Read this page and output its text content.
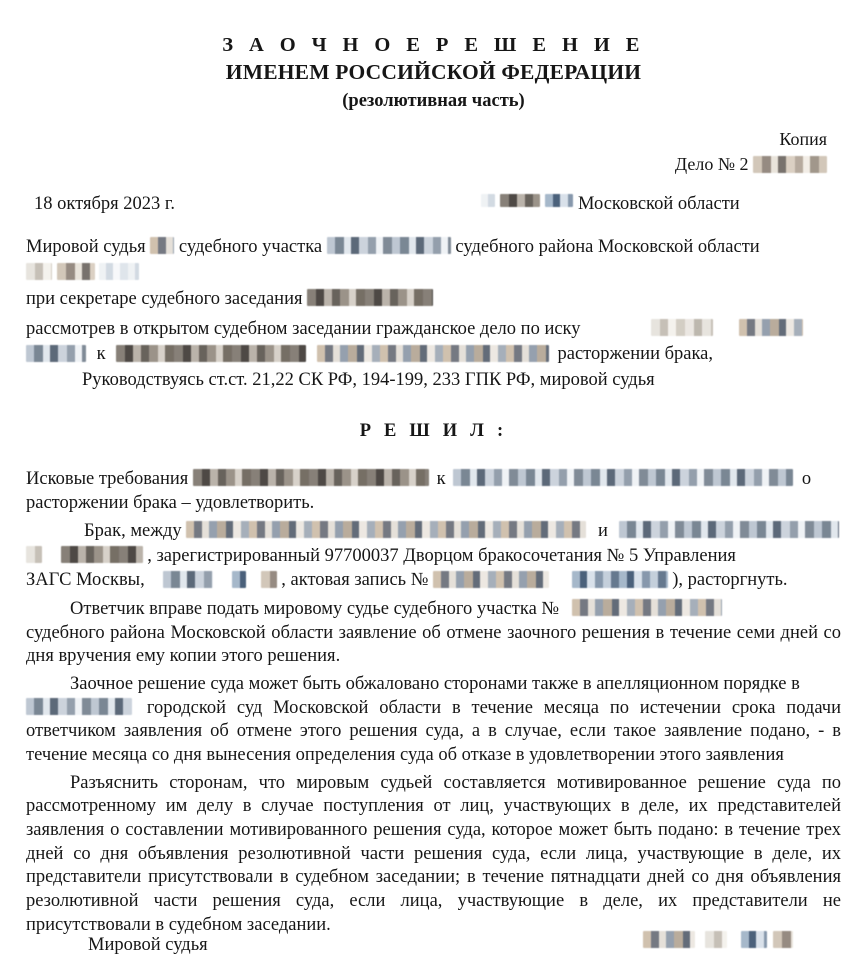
З А О Ч Н О Е Р Е Ш Е Н И Е
ИМЕНЕМ РОССИЙСКОЙ ФЕДЕРАЦИИ
(резолютивная часть)
Копия
Дело № 2
18 октября 2023 г.	Московской области
Мировой судья судебного участка	судебного района Московской области

при секретаре судебного заседания
рассмотрев в открытом судебном заседании гражданское дело по иску
к	расторжении брака,
Руководствуясь ст.ст. 21,22 СК РФ, 194-199, 233 ГПК РФ, мировой судья
Р Е Ш И Л :
Исковые требования	к	о
расторжении брака – удовлетворить.
Брак, между	и
, зарегистрированный 97700037 Дворцом бракосочетания № 5 Управления
ЗАГС Москвы,	, актовая запись №	), расторгнуть.
Ответчик вправе подать мировому судье судебного участка №
судебного района Московской области заявление об отмене заочного решения в течение семи дней со дня вручения ему копии этого решения.
Заочное решение суда может быть обжаловано сторонами также в апелляционном порядке в
городской суд Московской области в течение месяца по истечении срока подачи ответчиком заявления об отмене этого решения суда, а в случае, если такое заявление подано, - в течение месяца со дня вынесения определения суда об отказе в удовлетворении этого заявления
Разъяснить сторонам, что мировым судьей составляется мотивированное решение суда по рассмотренному им делу в случае поступления от лиц, участвующих в деле, их представителей заявления о составлении мотивированного решения суда, которое может быть подано: в течение трех дней со дня объявления резолютивной части решения суда, если лица, участвующие в деле, их представители присутствовали в судебном заседании; в течение пятнадцати дней со дня объявления резолютивной части решения суда, если лица, участвующие в деле, их представители не присутствовали в судебном заседании.
Мировой судья
